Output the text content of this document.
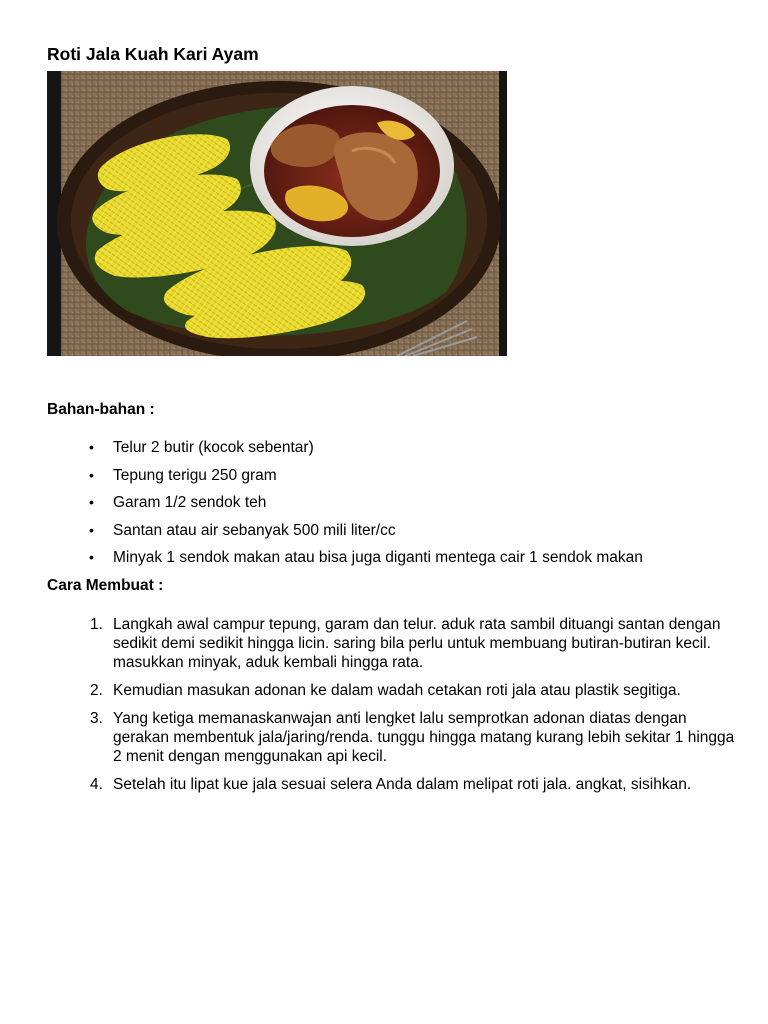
Roti Jala Kuah Kari Ayam
Bahan-bahan :
• Telur 2 butir (kocok sebentar)
• Tepung terigu 250 gram
• Garam 1/2 sendok teh
• Santan atau air sebanyak 500 mili liter/cc
• Minyak 1 sendok makan atau bisa juga diganti mentega cair 1 sendok makan
Cara Membuat :
1. Langkah awal campur tepung, garam dan telur. aduk rata sambil dituangi santan dengan sedikit demi sedikit hingga licin. saring bila perlu untuk membuang butiran-butiran kecil. masukkan minyak, aduk kembali hingga rata.
2. Kemudian masukan adonan ke dalam wadah cetakan roti jala atau plastik segitiga.
3. Yang ketiga memanaskanwajan anti lengket lalu semprotkan adonan diatas dengan gerakan membentuk jala/jaring/renda. tunggu hingga matang kurang lebih sekitar 1 hingga 2 menit dengan menggunakan api kecil.
4. Setelah itu lipat kue jala sesuai selera Anda dalam melipat roti jala. angkat, sisihkan.
